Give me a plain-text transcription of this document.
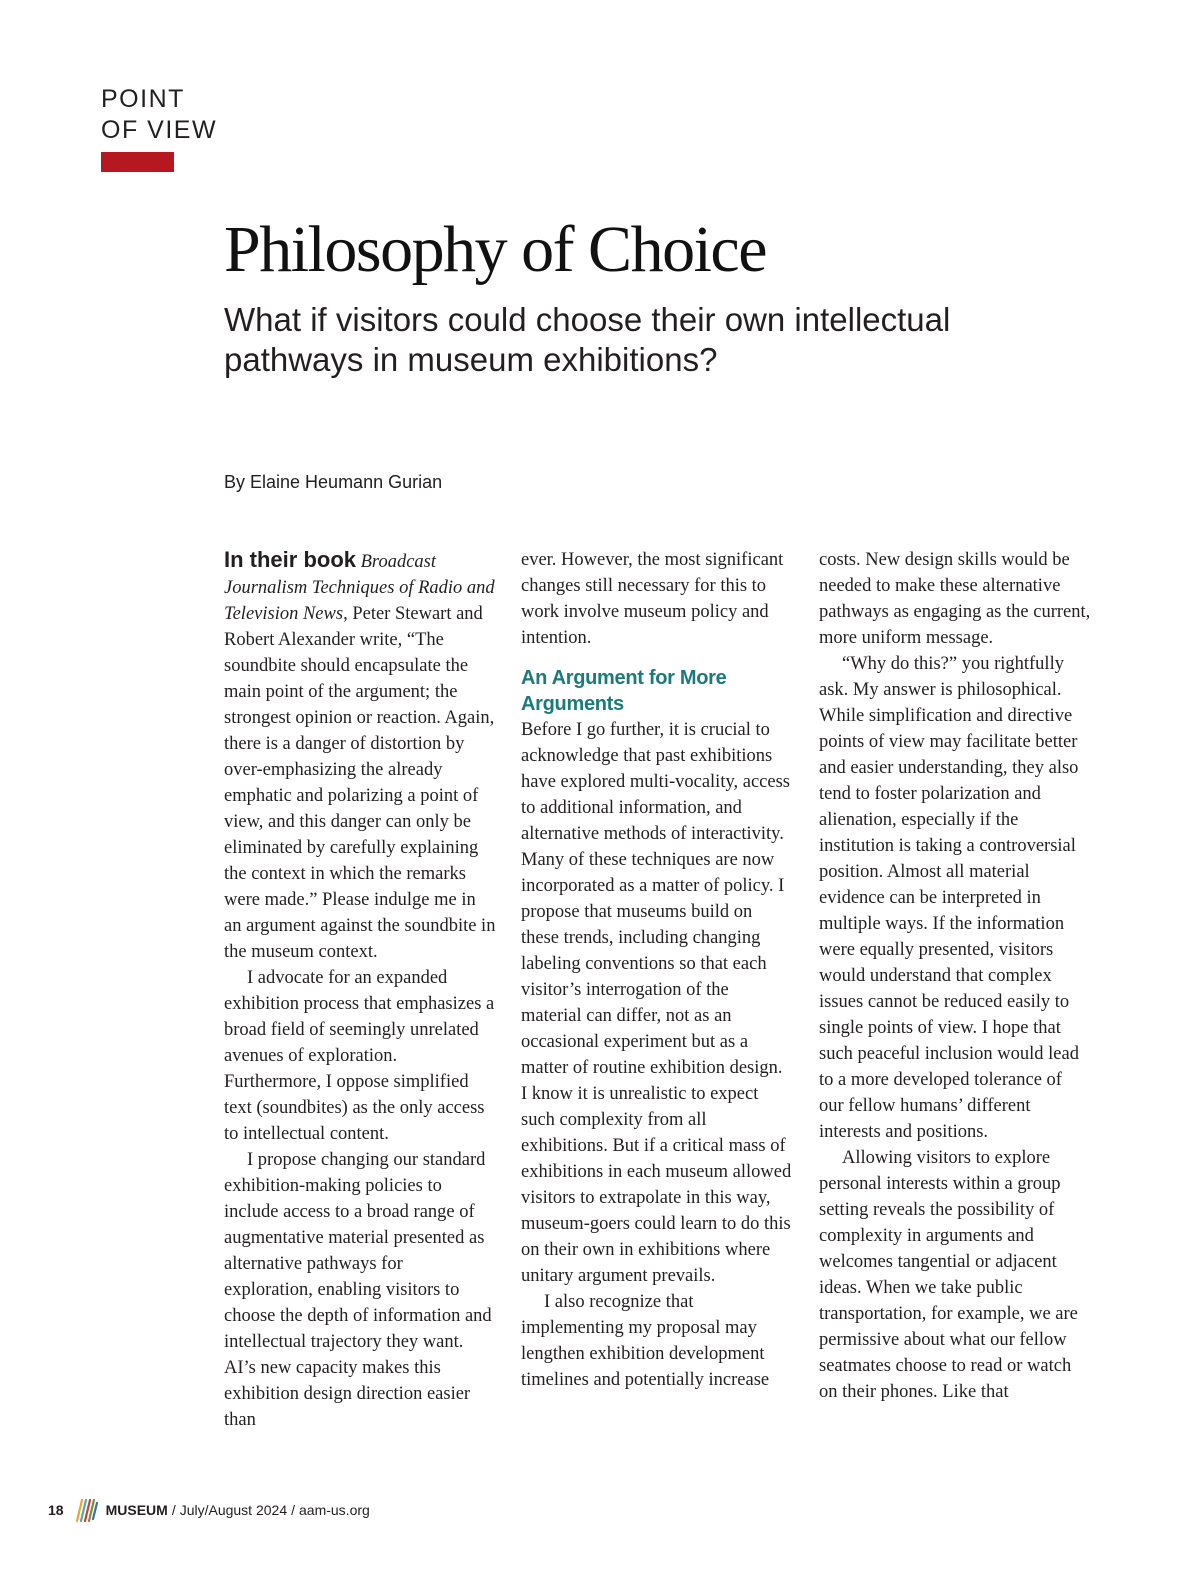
POINT
OF VIEW
Philosophy of Choice
What if visitors could choose their own intellectual pathways in museum exhibitions?
By Elaine Heumann Gurian

In their book Broadcast Journalism Techniques of Radio and Television News, Peter Stewart and Robert Alexander write, “The soundbite should encapsulate the main point of the argument; the strongest opinion or reaction. Again, there is a danger of distortion by over-emphasizing the already emphatic and polarizing a point of view, and this danger can only be eliminated by carefully explaining the context in which the remarks were made.” Please indulge me in an argument against the soundbite in the museum context.

I advocate for an expanded exhibition process that emphasizes a broad field of seemingly unrelated avenues of exploration. Furthermore, I oppose simplified text (soundbites) as the only access to intellectual content.

I propose changing our standard exhibition-making policies to include access to a broad range of augmentative material presented as alternative pathways for exploration, enabling visitors to choose the depth of information and intellectual trajectory they want. AI’s new capacity makes this exhibition design direction easier than

ever. However, the most significant changes still necessary for this to work involve museum policy and intention.

An Argument for More Arguments

Before I go further, it is crucial to acknowledge that past exhibitions have explored multi-vocality, access to additional information, and alternative methods of interactivity. Many of these techniques are now incorporated as a matter of policy. I propose that museums build on these trends, including changing labeling conventions so that each visitor’s interrogation of the material can differ, not as an occasional experiment but as a matter of routine exhibition design. I know it is unrealistic to expect such complexity from all exhibitions. But if a critical mass of exhibitions in each museum allowed visitors to extrapolate in this way, museum-goers could learn to do this on their own in exhibitions where unitary argument prevails.

I also recognize that implementing my proposal may lengthen exhibition development timelines and potentially increase

costs. New design skills would be needed to make these alternative pathways as engaging as the current, more uniform message.

“Why do this?” you rightfully ask. My answer is philosophical. While simplification and directive points of view may facilitate better and easier understanding, they also tend to foster polarization and alienation, especially if the institution is taking a controversial position. Almost all material evidence can be interpreted in multiple ways. If the information were equally presented, visitors would understand that complex issues cannot be reduced easily to single points of view. I hope that such peaceful inclusion would lead to a more developed tolerance of our fellow humans’ different interests and positions.

Allowing visitors to explore personal interests within a group setting reveals the possibility of complexity in arguments and welcomes tangential or adjacent ideas. When we take public transportation, for example, we are permissive about what our fellow seatmates choose to read or watch on their phones. Like that

18	MUSEUM / July/August 2024 / aam-us.org
